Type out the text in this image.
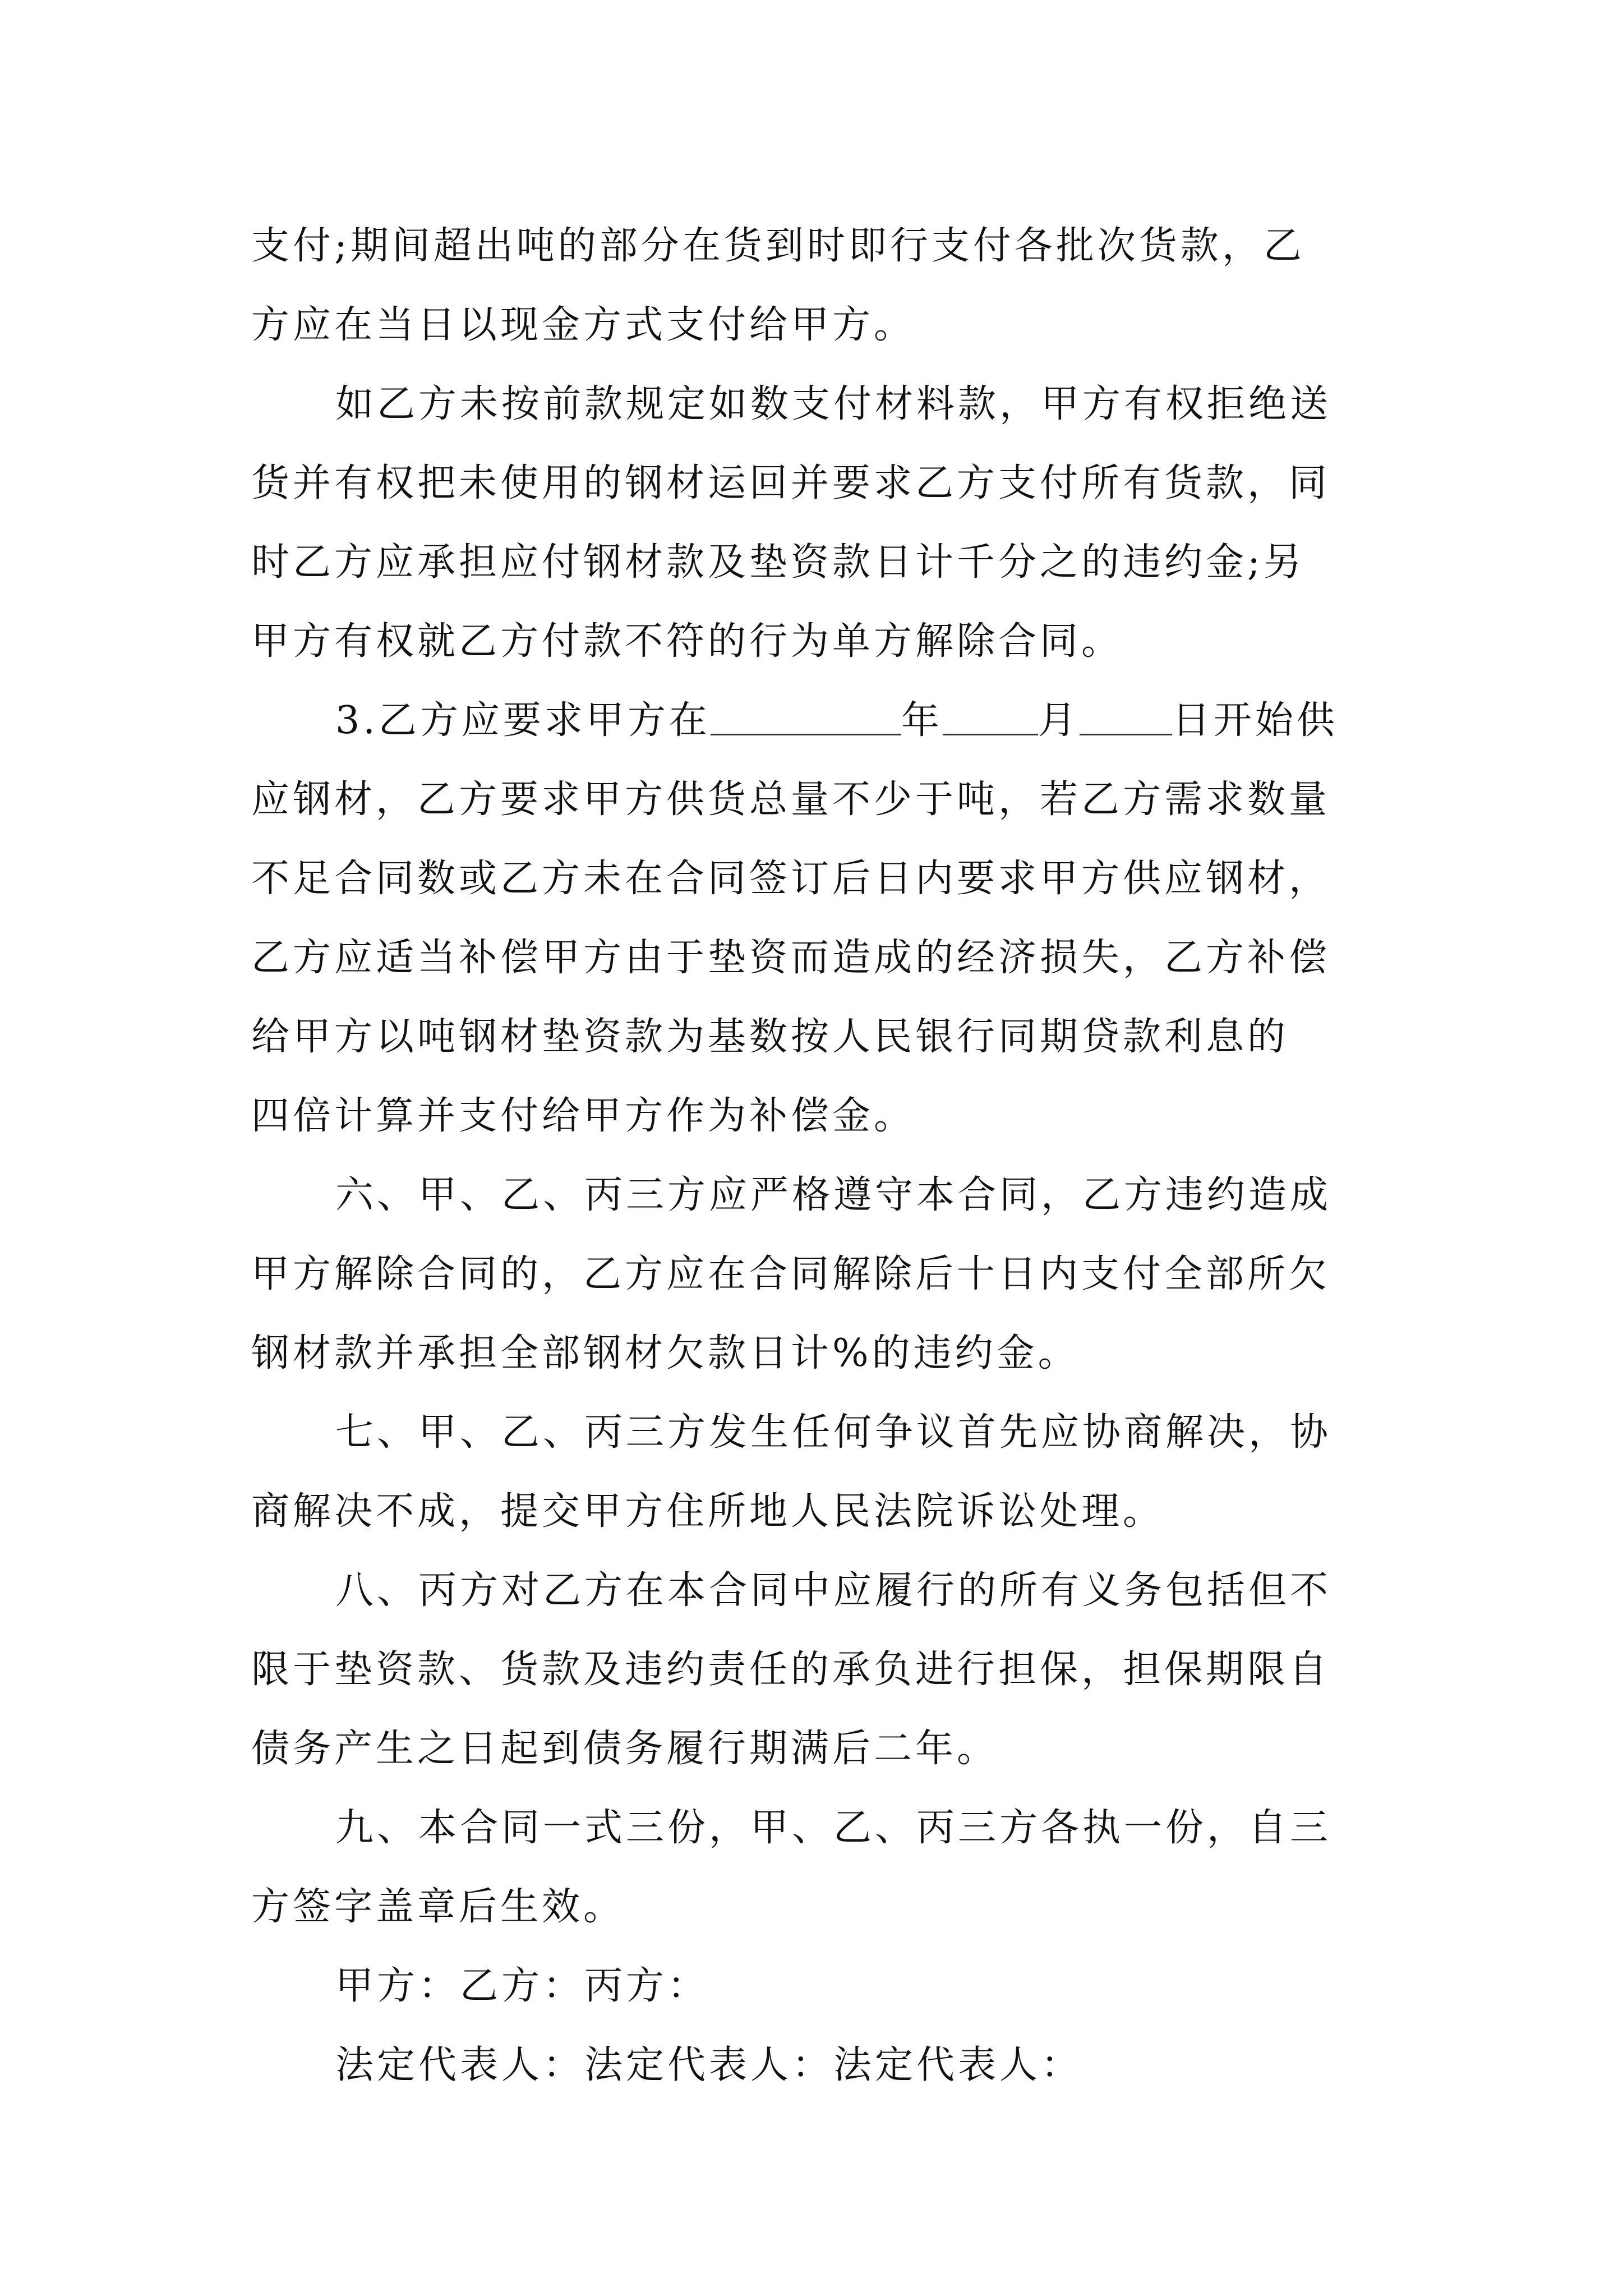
支付;期间超出吨的部分在货到时即行支付各批次货款，乙
方应在当日以现金方式支付给甲方。
如乙方未按前款规定如数支付材料款，甲方有权拒绝送
货并有权把未使用的钢材运回并要求乙方支付所有货款，同
时乙方应承担应付钢材款及垫资款日计千分之的违约金;另
甲方有权就乙方付款不符的行为单方解除合同。
3.乙方应要求甲方在	年	月 日开始供
应钢材，乙方要求甲方供货总量不少于吨，若乙方需求数量
不足合同数或乙方未在合同签订后日内要求甲方供应钢材，
乙方应适当补偿甲方由于垫资而造成的经济损失，乙方补偿
给甲方以吨钢材垫资款为基数按人民银行同期贷款利息的
四倍计算并支付给甲方作为补偿金。
六、甲、乙、丙三方应严格遵守本合同，乙方违约造成
甲方解除合同的，乙方应在合同解除后十日内支付全部所欠
钢材款并承担全部钢材欠款日计%的违约金。
七、甲、乙、丙三方发生任何争议首先应协商解决，协
商解决不成，提交甲方住所地人民法院诉讼处理。
八、丙方对乙方在本合同中应履行的所有义务包括但不
限于垫资款、货款及违约责任的承负进行担保，担保期限自
债务产生之日起到债务履行期满后二年。
九、本合同一式三份，甲、乙、丙三方各执一份，自三
方签字盖章后生效。
甲方：乙方：丙方：
法定代表人：法定代表人：法定代表人：
